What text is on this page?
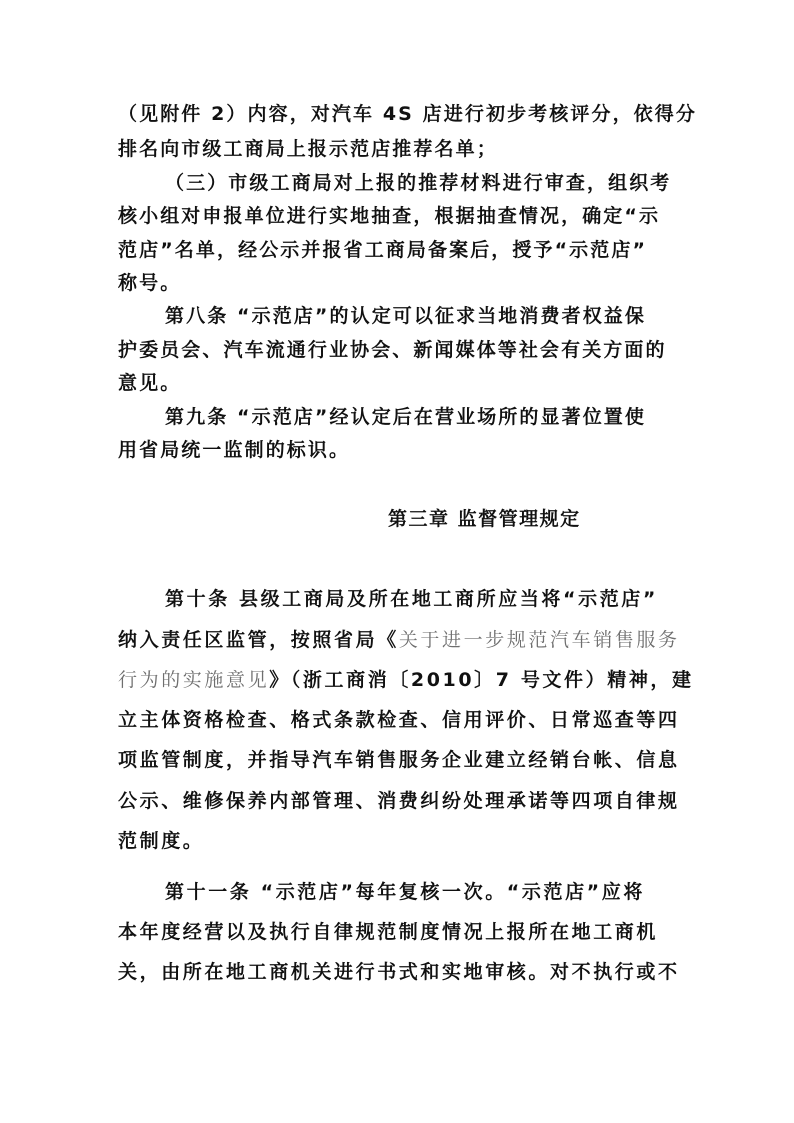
（见附件 2）内容，对汽车 4S 店进行初步考核评分，依得分
排名向市级工商局上报示范店推荐名单；
（三）市级工商局对上报的推荐材料进行审查，组织考
核小组对申报单位进行实地抽查，根据抽查情况，确定“示
范店”名单，经公示并报省工商局备案后，授予“示范店”
称号。
第八条 “示范店”的认定可以征求当地消费者权益保
护委员会、汽车流通行业协会、新闻媒体等社会有关方面的
意见。
第九条 “示范店”经认定后在营业场所的显著位置使
用省局统一监制的标识。
第三章 监督管理规定
第十条 县级工商局及所在地工商所应当将“示范店”
纳入责任区监管，按照省局《关于进一步规范汽车销售服务
行为的实施意见》（浙工商消〔2010〕7 号文件）精神，建
立主体资格检查、格式条款检查、信用评价、日常巡查等四
项监管制度，并指导汽车销售服务企业建立经销台帐、信息
公示、维修保养内部管理、消费纠纷处理承诺等四项自律规
范制度。
第十一条 “示范店”每年复核一次。“示范店”应将
本年度经营以及执行自律规范制度情况上报所在地工商机
关，由所在地工商机关进行书式和实地审核。对不执行或不
